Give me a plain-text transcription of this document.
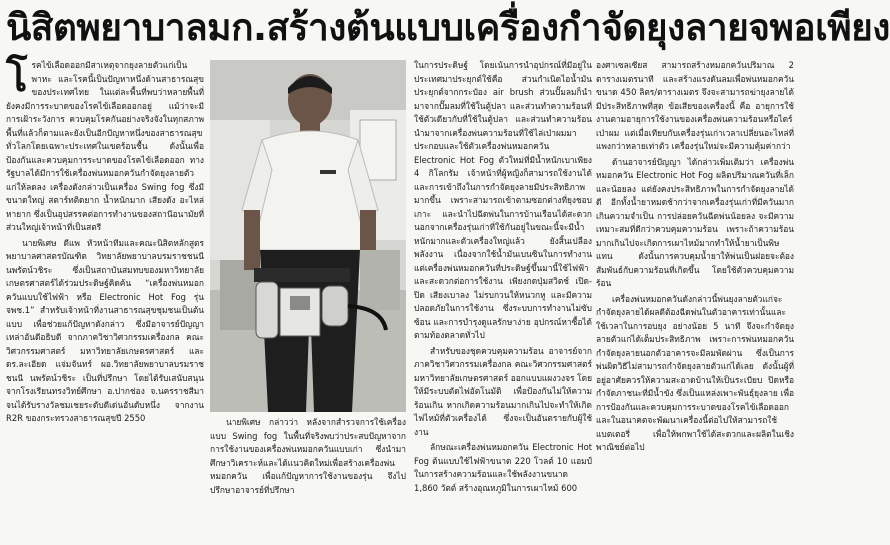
นิสิตพยาบาลมก.สร้างต้นแบบเครื่องกำจัดยุงลายจพอเพียง

โรคไข้เลือดออกมีสาเหตุจากยุงลายตัวแก่เป็นพาหะ และโรคนี้เป็นปัญหาหนึ่งด้านสาธารณสุขของประเทศไทย ในแต่ละพื้นที่พบว่าหลายพื้นที่ยังคงมีการระบาดของโรคไข้เลือดออกอยู่ แม้ว่าจะมีการเฝ้าระวังการ ควบคุมโรคกันอย่างจริงจังในทุกสภาพพื้นที่แล้วก็ตามและยังเป็นอีกปัญหาหนึ่งของสาธารณสุขทั่วโลกโดยเฉพาะประเทศในเขตร้อนชื้น ดังนั้นเพื่อป้องกันและควบคุมการระบาดของโรคไข้เลือดออก ทางรัฐบาลได้มีการใช้เครื่องพ่นหมอกควันกำจัดยุงลายตัวแก่ให้ลดลง เครื่องดังกล่าวเป็นเครื่อง Swing fog ซึ่งมีขนาดใหญ่ สตาร์ทติดยาก น้ำหนักมาก เสียงดัง อะไหล่หายาก ซึ่งเป็นอุปสรรคต่อการทำงานของสถานีอนามัยที่ส่วนใหญ่เจ้าหน้าที่เป็นสตรี

นายพิเศษ ดีแพ หัวหน้าทีมและคณะนิสิตหลักสูตรพยาบาลศาสตรบัณฑิต วิทยาลัยพยาบาลบรมราชชนนีนพรัตน์วชิระ ซึ่งเป็นสถาบันสมทบของมหาวิทยาลัยเกษตรศาสตร์ได้ร่วมประดิษฐ์คิดค้น “เครื่องพ่นหมอกควันแบบใช้ไฟฟ้า หรือ Electronic Hot Fog รุ่น จพช.1” สำหรับเจ้าหน้าที่งานสาธารณสุขชุมชนเป็นต้นแบบ เพื่อช่วยแก้ปัญหาดังกล่าว ซึ่งมีอาจารย์ปัญญา เหล่าอันดีอธิบดี จากภาควิชาวิศวกรรมเครื่องกล คณะวิศวกรรมศาสตร์ มหาวิทยาลัยเกษตรศาสตร์ และดร.ละเอียด แจ่มจันทร์ ผอ.วิทยาลัยพยาบาลบรมราชชนนี นพรัตน์วชิระ เป็นที่ปรึกษา โดยได้รับเสนับสนุนจากโรงเรียนทรงวิทย์ศึกษา อ.ปากช่อง จ.นครราชสีมา จนได้รับรางวัลชมเชยระดับดีเด่นอันดับหนึ่ง จากงาน R2R ของกระทรวงสาธารณสุขปี 2550	นายพิเศษ กล่าวว่า หลังจากสำรวจการใช้เครื่องแบบ Swing fog ในพื้นที่จริงพบว่าประสบปัญหาจากการใช้งานของเครื่องพ่นหมอกควันแบบเก่า ซึ่งนำมาศึกษาวิเคราะห์และได้แนวคิดใหม่เพื่อสร้างเครื่องพ่นหมอกควัน เพื่อแก้ปัญหาการใช้งานของรุ่น จึงไปปรึกษาอาจารย์ที่ปรึกษา

ในการประดิษฐ์ โดยเน้นการนำอุปกรณ์ที่มีอยู่ในประเทศมาประยุกต์ใช้คือ ส่วนกำเนิดไอน้ำมันประยุกต์จากกระป๋อง air brush ส่วนปั๊มลมก็นำมาจากปั๊มลมที่ใช้ในตู้ปลา และส่วนทำความร้อนที่ใช้ตัวเดียวกับที่ใช้ในตู้ปลา และส่วนทำความร้อนนำมาจากเครื่องพ่นความร้อนที่ใช้ไล่เป่าผมมาประกอบและใช้ตัวเครื่องพ่นหมอกควัน Electronic Hot Fog ตัวใหม่ที่มีน้ำหนักเบาเพียง 4 กิโลกรัม เจ้าหน้าที่ผู้หญิงก็สามารถใช้งานได้ และการเข้าถึงในการกำจัดยุงลายมีประสิทธิภาพมากขึ้น เพราะสามารถเข้าตามซอกต่างที่ยุงชอบเกาะ และนำไปฉีดพ่นในการบ้านเรือนได้สะดวก นอกจากเครื่องรุ่นเก่าที่ใช้กันอยู่ในขณะนี้จะมีน้ำหนักมากและตัวเครื่องใหญ่แล้ว ยังสิ้นเปลืองพลังงาน เนื่องจากใช้น้ำมันเบนซินในการทำงาน แต่เครื่องพ่นหมอกควันที่ประดิษฐ์ขึ้นมานี้ใช้ไฟฟ้า และสะดวกต่อการใช้งาน เพียงกดปุ่มสวิตช์ เปิด-ปิด เสียงเบาลง ไม่รบกวนให้หนวกหู และมีความปลอดภัยในการใช้งาน ซึ่งระบบการทำงานไม่ซับซ้อน และการบำรุงดูแลรักษาง่าย อุปกรณ์หาซื้อได้ตามท้องตลาดทั่วไป

สำหรับของชุดควบคุมความร้อน อาจารย์จากภาควิชาวิศวกรรมเครื่องกล คณะวิศวกรรมศาสตร์ มหาวิทยาลัยเกษตรศาสตร์ ออกแบบแผงวงจร โดยให้มีระบบตัดไฟอัตโนมัติ เพื่อป้องกันไม่ให้ความร้อนเกิน หากเกิดความร้อนมากเกินไปจะทำให้เกิดไฟไหม้ที่ตัวเครื่องได้ ซึ่งจะเป็นอันตรายกับผู้ใช้งาน

ลักษณะเครื่องพ่นหมอกควัน Electronic Hot Fog ต้นแบบใช้ไฟฟ้าขนาด 220 โวลต์ 10 แอมป์ ในการสร้างความร้อนและใช้พลังงานขนาด 1,860 วัตต์ สร้างอุณหภูมิในการเผาไหม้ 600

องศาเซลเซียส สามารถสร้างหมอกควันปริมาณ 2 ตารางเมตรนาที และสร้างแรงดันลมเพื่อพ่นหมอกควันขนาด 450 ลิตร/ตารางเมตร จึงจะสามารถฆ่ายุงลายได้มีประสิทธิภาพที่สุด ข้อเสียของเครื่องนี้ คือ อายุการใช้งานตามอายุการใช้งานของเครื่องพ่นความร้อนหรือไดร์เป่าผม แต่เมื่อเทียบกับเครื่องรุ่นเก่าเวลาเปลี่ยนอะไหล่ที่แพงกว่าหลายเท่าตัว เครื่องรุ่นใหม่จะมีความคุ้มค่ากว่า

ด้านอาจารย์ปัญญา ได้กล่าวเพิ่มเติมว่า เครื่องพ่นหมอกควัน Electronic Hot Fog ผลิตปริมาณควันที่เล็กและน้อยลง แต่ยังคงประสิทธิภาพในการกำจัดยุงลายได้ดี อีกทั้งน้ำยาหมดช้ากว่าจากเครื่องรุ่นเก่าที่มีควันมากเกินความจำเป็น การปล่อยควันฉีดพ่นน้อยลง จะมีความเหมาะสมที่ดีกว่าควบคุมความร้อน เพราะถ้าความร้อนมากเกินไปจะเกิดการเผาไหม้มากทำให้น้ำยาเป็นพิษแทน ดังนั้นการควบคุมน้ำยาให้พ่นเป็นฝอยจะต้องสัมพันธ์กับความร้อนที่เกิดขึ้น โดยใช้ตัวควบคุมความร้อน

เครื่องพ่นหมอกควันดังกล่าวนี้พ่นยุงลายตัวแก่จะกำจัดยุงลายได้ผลดีต้องฉีดพ่นในตัวอาคารเท่านั้นและใช้เวลาในการอบยุง อย่างน้อย 5 นาที จึงจะกำจัดยุงลายตัวแก่ได้เต็มประสิทธิภาพ เพราะการพ่นหมอกควันกำจัดยุงลายนอกตัวอาคารจะมีลมพัดผ่าน ซึ่งเป็นการพ่นผิดวิธีไม่สามารถกำจัดยุงลายตัวแก่ได้เลย ดังนั้นผู้ที่อยู่อาศัยควรให้ความสะอาดบ้านให้เป็นระเบียบ ปิดหรือกำจัดภาชนะที่มีน้ำขัง ซึ่งเป็นแหล่งเพาะพันธุ์ยุงลาย เพื่อการป้องกันและควบคุมการระบาดของโรคไข้เลือดออก และในอนาคตจะพัฒนาเครื่องนี้ต่อไปให้สามารถใช้แบตเตอรี่ เพื่อให้พกพาใช้ได้สะดวกและผลิตในเชิงพาณิชย์ต่อไป
